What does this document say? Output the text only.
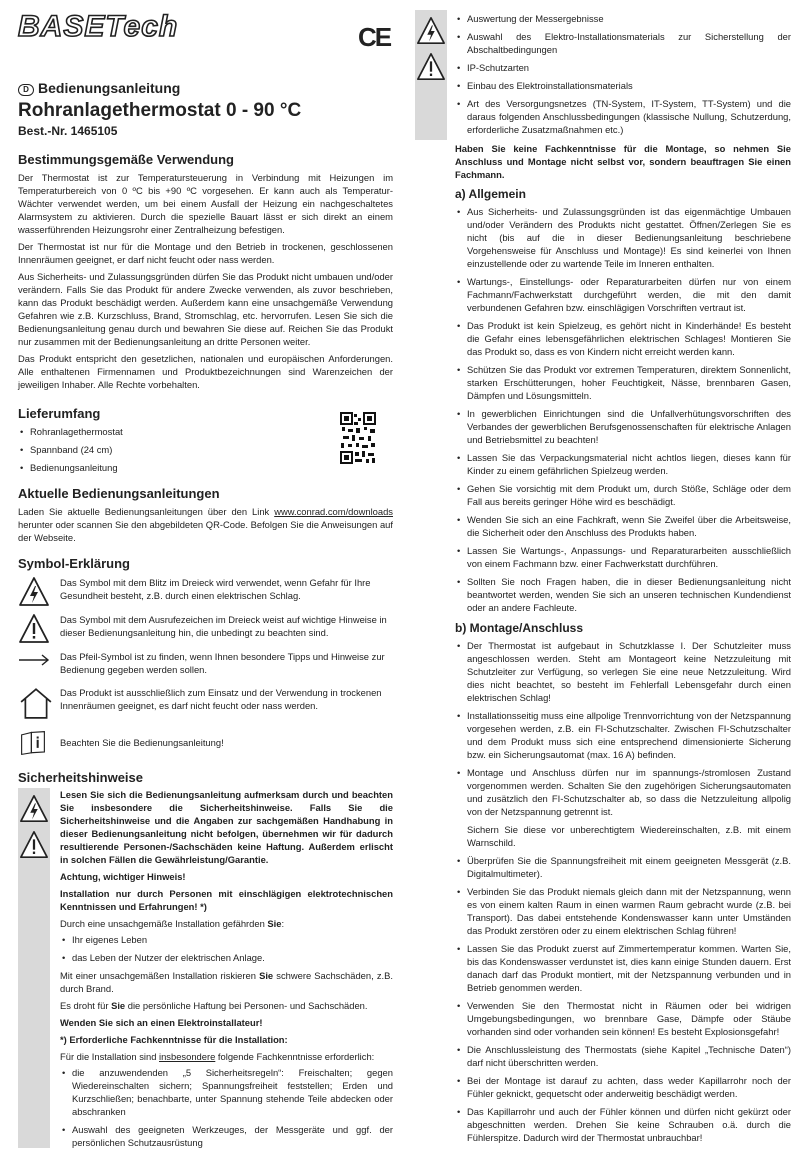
BASETech	CE
D Bedienungsanleitung
Rohranlagethermostat 0 - 90 °C
Best.-Nr. 1465105
Bestimmungsgemäße Verwendung

Der Thermostat ist zur Temperatursteuerung in Verbindung mit Heizungen im Temperaturbereich von 0 ºC bis +90 ºC vorgesehen. Er kann auch als Temperatur-Wächter verwendet werden, um bei einem Ausfall der Heizung ein nachgeschaltetes Alarmsystem zu aktivieren. Durch die spezielle Bauart lässt er sich direkt an einem wasserführenden Heizungsrohr einer Zentralheizung befestigen.

Der Thermostat ist nur für die Montage und den Betrieb in trockenen, geschlossenen Innenräumen geeignet, er darf nicht feucht oder nass werden.

Aus Sicherheits- und Zulassungsgründen dürfen Sie das Produkt nicht umbauen und/oder verändern. Falls Sie das Produkt für andere Zwecke verwenden, als zuvor beschrieben, kann das Produkt beschädigt werden. Außerdem kann eine unsachgemäße Verwendung Gefahren wie z.B. Kurzschluss, Brand, Stromschlag, etc. hervorrufen. Lesen Sie sich die Bedienungsanleitung genau durch und bewahren Sie diese auf. Reichen Sie das Produkt nur zusammen mit der Bedienungsanleitung an dritte Personen weiter.

Das Produkt entspricht den gesetzlichen, nationalen und europäischen Anforderungen. Alle enthaltenen Firmennamen und Produktbezeichnungen sind Warenzeichen der jeweiligen Inhaber. Alle Rechte vorbehalten.

Lieferumfang
• Rohranlagethermostat
• Spannband (24 cm)
• Bedienungsanleitung
Aktuelle Bedienungsanleitungen

Laden Sie aktuelle Bedienungsanleitungen über den Link www.conrad.com/downloads herunter oder scannen Sie den abgebildeten QR-Code. Befolgen Sie die Anweisungen auf der Webseite.

Symbol-Erklärung
Das Symbol mit dem Blitz im Dreieck wird verwendet, wenn Gefahr für Ihre Gesundheit besteht, z.B. durch einen elektrischen Schlag.
Das Symbol mit dem Ausrufezeichen im Dreieck weist auf wichtige Hinweise in dieser Bedienungsanleitung hin, die unbedingt zu beachten sind.
Das Pfeil-Symbol ist zu finden, wenn Ihnen besondere Tipps und Hinweise zur Bedienung gegeben werden sollen.
Das Produkt ist ausschließlich zum Einsatz und der Verwendung in trockenen Innenräumen geeignet, es darf nicht feucht oder nass werden.
Beachten Sie die Bedienungsanleitung!
Sicherheitshinweise

Lesen Sie sich die Bedienungsanleitung aufmerksam durch und beachten Sie insbesondere die Sicherheitshinweise. Falls Sie die Sicherheitshinweise und die Angaben zur sachgemäßen Handhabung in dieser Bedienungsanleitung nicht befolgen, übernehmen wir für dadurch resultierende Personen-/Sachschäden keine Haftung. Außerdem erlischt in solchen Fällen die Gewährleistung/Garantie.

Achtung, wichtiger Hinweis!

Installation nur durch Personen mit einschlägigen elektrotechnischen Kenntnissen und Erfahrungen! *)

Durch eine unsachgemäße Installation gefährden Sie:

• Ihr eigenes Leben
• das Leben der Nutzer der elektrischen Anlage.

Mit einer unsachgemäßen Installation riskieren Sie schwere Sachschäden, z.B. durch Brand.

Es droht für Sie die persönliche Haftung bei Personen- und Sachschäden.

Wenden Sie sich an einen Elektroinstallateur!

*) Erforderliche Fachkenntnisse für die Installation:

Für die Installation sind insbesondere folgende Fachkenntnisse erforderlich:

• die anzuwendenden „5 Sicherheitsregeln“: Freischalten; gegen Wiedereinschalten sichern; Spannungsfreiheit feststellen; Erden und Kurzschließen; benachbarte, unter Spannung stehende Teile abdecken oder abschranken
• Auswahl des geeigneten Werkzeuges, der Messgeräte und ggf. der persönlichen Schutzausrüstung
• Auswertung der Messergebnisse
• Auswahl des Elektro-Installationsmaterials zur Sicherstellung der Abschaltbedingungen
• IP-Schutzarten
• Einbau des Elektroinstallationsmaterials
• Art des Versorgungsnetzes (TN-System, IT-System, TT-System) und die daraus folgenden Anschlussbedingungen (klassische Nullung, Schutzerdung, erforderliche Zusatzmaßnahmen etc.)

Haben Sie keine Fachkenntnisse für die Montage, so nehmen Sie Anschluss und Montage nicht selbst vor, sondern beauftragen Sie einen Fachmann.

a) Allgemein
• Aus Sicherheits- und Zulassungsgründen ist das eigenmächtige Umbauen und/oder Verändern des Produkts nicht gestattet. Öffnen/Zerlegen Sie es nicht (bis auf die in dieser Bedienungsanleitung beschriebene Vorgehensweise für Anschluss und Montage)! Es sind keinerlei von Ihnen einzustellende oder zu wartende Teile im Inneren enthalten.
• Wartungs-, Einstellungs- oder Reparaturarbeiten dürfen nur von einem Fachmann/Fachwerkstatt durchgeführt werden, die mit den damit verbundenen Gefahren bzw. einschlägigen Vorschriften vertraut ist.
• Das Produkt ist kein Spielzeug, es gehört nicht in Kinderhände! Es besteht die Gefahr eines lebensgefährlichen elektrischen Schlages! Montieren Sie das Produkt so, dass es von Kindern nicht erreicht werden kann.
• Schützen Sie das Produkt vor extremen Temperaturen, direktem Sonnenlicht, starken Erschütterungen, hoher Feuchtigkeit, Nässe, brennbaren Gasen, Dämpfen und Lösungsmitteln.
• In gewerblichen Einrichtungen sind die Unfallverhütungsvorschriften des Verbandes der gewerblichen Berufsgenossenschaften für elektrische Anlagen und Betriebsmittel zu beachten!
• Lassen Sie das Verpackungsmaterial nicht achtlos liegen, dieses kann für Kinder zu einem gefährlichen Spielzeug werden.
• Gehen Sie vorsichtig mit dem Produkt um, durch Stöße, Schläge oder dem Fall aus bereits geringer Höhe wird es beschädigt.
• Wenden Sie sich an eine Fachkraft, wenn Sie Zweifel über die Arbeitsweise, die Sicherheit oder den Anschluss des Produkts haben.
• Lassen Sie Wartungs-, Anpassungs- und Reparaturarbeiten ausschließlich von einem Fachmann bzw. einer Fachwerkstatt durchführen.
• Sollten Sie noch Fragen haben, die in dieser Bedienungsanleitung nicht beantwortet werden, wenden Sie sich an unseren technischen Kundendienst oder an andere Fachleute.
b) Montage/Anschluss
• Der Thermostat ist aufgebaut in Schutzklasse I. Der Schutzleiter muss angeschlossen werden. Steht am Montageort keine Netzzuleitung mit Schutzleiter zur Verfügung, so verlegen Sie eine neue Netzzuleitung. Wird dies nicht beachtet, so besteht im Fehlerfall Lebensgefahr durch einen elektrischen Schlag!
• Installationsseitig muss eine allpolige Trennvorrichtung von der Netzspannung vorgesehen werden, z.B. ein FI-Schutzschalter. Zwischen FI-Schutzschalter und dem Produkt muss sich eine entsprechend dimensionierte Sicherung bzw. ein Sicherungsautomat (max. 16 A) befinden.
• Montage und Anschluss dürfen nur im spannungs-/stromlosen Zustand vorgenommen werden. Schalten Sie den zugehörigen Sicherungsautomaten und zusätzlich den FI-Schutzschalter ab, so dass die Netzzuleitung allpolig von der Netzspannung getrennt ist.

Sichern Sie diese vor unberechtigtem Wiedereinschalten, z.B. mit einem Warnschild.

• Überprüfen Sie die Spannungsfreiheit mit einem geeigneten Messgerät (z.B. Digitalmultimeter).
• Verbinden Sie das Produkt niemals gleich dann mit der Netzspannung, wenn es von einem kalten Raum in einen warmen Raum gebracht wurde (z.B. bei Transport). Das dabei entstehende Kondenswasser kann unter Umständen das Produkt zerstören oder zu einem elektrischen Schlag führen!
• Lassen Sie das Produkt zuerst auf Zimmertemperatur kommen. Warten Sie, bis das Kondenswasser verdunstet ist, dies kann einige Stunden dauern. Erst danach darf das Produkt montiert, mit der Netzspannung verbunden und in Betrieb genommen werden.
• Verwenden Sie den Thermostat nicht in Räumen oder bei widrigen Umgebungsbedingungen, wo brennbare Gase, Dämpfe oder Stäube vorhanden sind oder vorhanden sein können! Es besteht Explosionsgefahr!
• Die Anschlussleistung des Thermostats (siehe Kapitel „Technische Daten“) darf nicht überschritten werden.
• Bei der Montage ist darauf zu achten, dass weder Kapillarrohr noch der Fühler geknickt, gequetscht oder anderweitig beschädigt werden.
• Das Kapillarrohr und auch der Fühler können und dürfen nicht gekürzt oder abgeschnitten werden. Drehen Sie keine Schrauben o.ä. durch die Fühlerspitze. Dadurch wird der Thermostat unbrauchbar!
